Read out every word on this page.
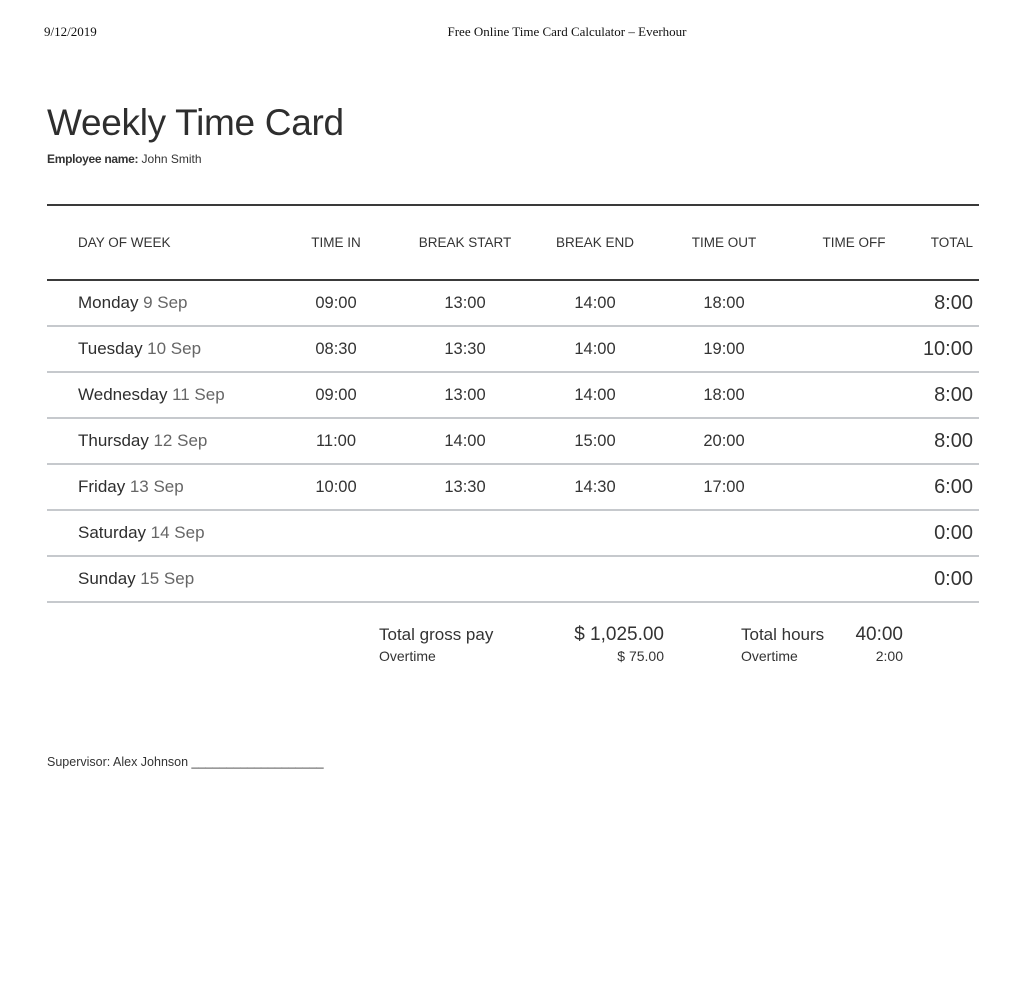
9/12/2019	Free Online Time Card Calculator – Everhour
Weekly Time Card
Employee name: John Smith
DAY OF WEEK	TIME IN	BREAK START	BREAK END	TIME OUT	TIME OFF	TOTAL
Monday 9 Sep	09:00	13:00	14:00	18:00		8:00
Tuesday 10 Sep	08:30	13:30	14:00	19:00		10:00
Wednesday 11 Sep	09:00	13:00	14:00	18:00		8:00
Thursday 12 Sep	11:00	14:00	15:00	20:00		8:00
Friday 13 Sep	10:00	13:30	14:30	17:00		6:00
Saturday 14 Sep						0:00
Sunday 15 Sep						0:00
Total gross pay	$ 1,025.00
Overtime	$ 75.00
Total hours 40:00
Overtime	2:00
Supervisor: Alex Johnson ___________________
